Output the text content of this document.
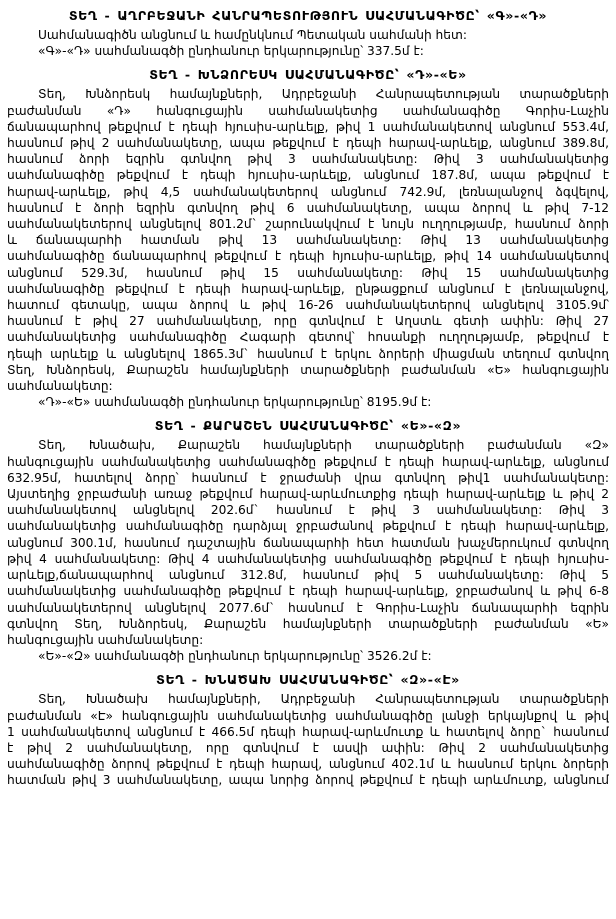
ՏԵՂ - ԱՂՐԲԵՋԱՆԻ ՀԱՆՐԱՊԵՏՈՒԹՅՈՒՆ ՍԱՀՄԱՆԱԳԻԾԸ՝ «Գ»-«Դ»

Սահմանագիծն անցնում և համընկնում Պետական սահմանի հետ:

«Գ»-«Դ» սահմանագծի ընդհանուր երկարությունը՝ 337.5մ է:

ՏԵՂ - ԽՆՁՈՐԵՍԿ ՍԱՀՄԱՆԱԳԻԾԸ՝ «Դ»-«Ե»

Տեղ, Խնձորեսկ համայնքների, Ադրբեջանի Հանրապետության տարածքների

բաժանման «Դ» հանգուցային սահմանակետից սահմանագիծը Գորիս-Լաչին

ճանապարհով թեքվում է դեպի հյուսիս-արևելք, թիվ 1 սահմանակետով անցնում 553.4մ,

հասնում թիվ 2 սահմանակետը, ապա թեքվում է դեպի հարավ-արևելք, անցնում 389.8մ,

հասնում ձորի եզրին գտնվող թիվ 3 սահմանակետը: Թիվ 3 սահմանակետից

սահմանագիծը թեքվում է դեպի հյուսիս-արևելք, անցնում 187.8մ, ապա թեքվում է

հարավ-արևելք, թիվ 4,5 սահմանակետերով անցնում 742.9մ, լեռնալանջով ձգվելով,

հասնում է ձորի եզրին գտնվող թիվ 6 սահմանակետը, ապա ձորով և թիվ 7-12

սահմանակետերով անցնելով 801.2մ` շարունակվում է նույն ուղղությամբ, հասնում ձորի

և ճանապարհի հատման թիվ 13 սահմանակետը: Թիվ 13 սահմանակետից

սահմանագիծը ճանապարհով թեքվում է դեպի հյուսիս-արևելք, թիվ 14 սահմանակետով

անցնում 529.3մ, հասնում թիվ 15 սահմանակետը: Թիվ 15 սահմանակետից

սահմանագիծը թեքվում է դեպի հարավ-արևելք, ընթացքում անցնում է լեռնալանջով,

հատում գետակը, ապա ձորով և թիվ 16-26 սահմանակետերով անցնելով 3105.9մ՝

հասնում է թիվ 27 սահմանակետը, որը գտնվում է Աղստև գետի ափին: Թիվ 27

սահմանակետից սահմանագիծը Հագարի գետով՝ հոսանքի ուղղությամբ, թեքվում է

դեպի արևելք և անցնելով 1865.3մ` հասնում է երկու ձորերի միացման տեղում գտնվող

Տեղ, Խնձորեսկ, Քարաշեն համայնքների տարածքների բաժանման «Ե» հանգուցային

սահմանակետը:

«Դ»-«Ե» սահմանագծի ընդհանուր երկարությունը՝ 8195.9մ է:

ՏԵՂ - ՔԱՐԱՇԵՆ ՍԱՀՄԱՆԱԳԻԾԸ՝ «Ե»-«Զ»

Տեղ, Խնածախ, Քարաշեն համայնքների տարածքների բաժանման «Զ»

հանգուցային սահմանակետից սահմանագիծը թեքվում է դեպի հարավ-արևելք, անցնում

632.95մ, հատելով ձորը՝ հասնում է ջրաժանի վրա գտնվող թիվ1 սահմանակետը:

Այստեղից ջրբաժանի առաջ թեքվում հարավ-արևմուտքից դեպի հարավ-արևելք և թիվ 2

սահմանակետով անցնելով 202.6մ` հասնում է թիվ 3 սահմանակետը: Թիվ 3

սահմանակետից սահմանագիծը դարձյալ ջրբաժանով թեքվում է դեպի հարավ-արևելք,

անցնում 300.1մ, հասնում դաշտային ճանապարհի հետ հատման խաչմերուկում գտնվող

թիվ 4 սահմանակետը: Թիվ 4 սահմանակետից սահմանագիծը թեքվում է դեպի հյուսիս-

արևելք,ճանապարհով անցնում 312.8մ, հասնում թիվ 5 սահմանակետը: Թիվ 5

սահմանակետից սահմանագիծը թեքվում է դեպի հարավ-արևելք, ջրբաժանով և թիվ 6-8

սահմանակետերով անցնելով 2077.6մ` հասնում է Գորիս-Լաչին ճանապարհի եզրին

գտնվող Տեղ, Խնձորեսկ, Քարաշեն համայնքների տարածքների բաժանման «Ե»

հանգուցային սահմանակետը:

«Ե»-«Զ» սահմանագծի ընդհանուր երկարությունը՝ 3526.2մ է:

ՏԵՂ - ԽՆԱԾԱԽ ՍԱՀՄԱՆԱԳԻԾԸ՝ «Զ»-«Է»

Տեղ, Խնածախ համայնքների, Ադրբեջանի Հանրապետության տարածքների

բաժանման «Է» հանգուցային սահմանակետից սահմանագիծը լանջի երկայնքով և թիվ

1 սահմանակետով անցնում է 466.5մ դեպի հարավ-արևմուտք և հատելով ձորը` հասնում

է թիվ 2 սահմանակետը, որը գտնվում է ասվի ափին: Թիվ 2 սահմանակետից

սահմանագիծը ձորով թեքվում է դեպի հարավ, անցնում 402.1մ և հասնում երկու ձորերի

հատման թիվ 3 սահմանակետը, ապա նորից ձորով թեքվում է դեպի արևմուտք, անցնում
